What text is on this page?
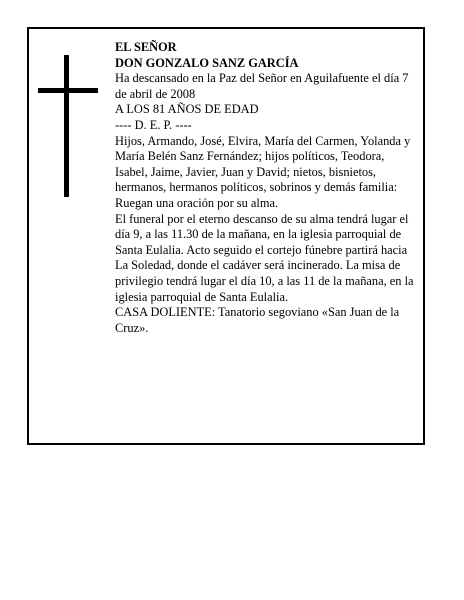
EL SEÑOR

DON GONZALO SANZ GARCÍA

Ha descansado en la Paz del Señor en Aguilafuente el día 7 de abril de 2008

A LOS 81 AÑOS DE EDAD

---- D. E. P. ----

Hijos, Armando, José, Elvira, María del Carmen, Yolanda y María Belén Sanz Fernández; hijos políticos, Teodora, Isabel, Jaime, Javier, Juan y David; nietos, bisnietos, hermanos, hermanos políticos, sobrinos y demás familia:

Ruegan una oración por su alma.

El funeral por el eterno descanso de su alma tendrá lugar el día 9, a las 11.30 de la mañana, en la iglesia parroquial de Santa Eulalia. Acto seguido el cortejo fúnebre partirá hacia La Soledad, donde el cadáver será incinerado. La misa de privilegio tendrá lugar el día 10, a las 11 de la mañana, en la iglesia parroquial de Santa Eulalia.

CASA DOLIENTE: Tanatorio segoviano «San Juan de la Cruz».
